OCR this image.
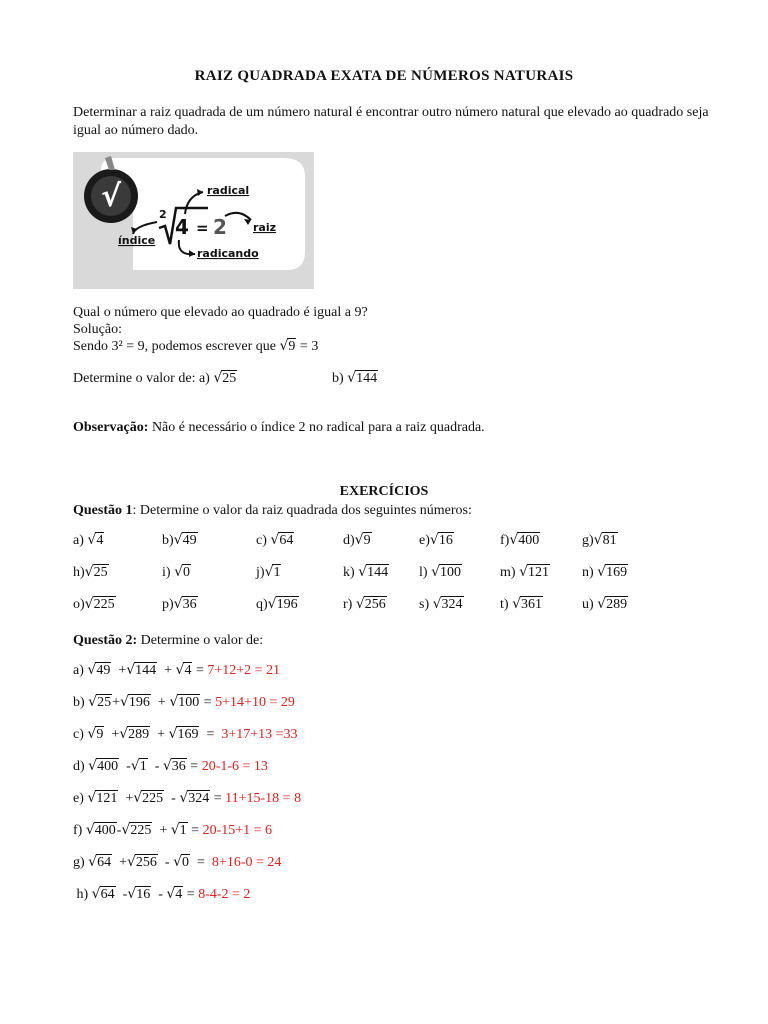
RAIZ QUADRADA EXATA DE NÚMEROS NATURAIS
Determinar a raiz quadrada de um número natural é encontrar outro número natural que elevado ao quadrado seja igual ao número dado.
√	radical
2
4 = 2 raiz
índice
radicando
Qual o número que elevado ao quadrado é igual a 9?
Solução:
Sendo 3² = 9, podemos escrever que √ 9 = 3
Determine o valor de: a) √ 25	b) √ 144
Observação: Não é necessário o índice 2 no radical para a raiz quadrada.
EXERCÍCIOS
Questão 1: Determine o valor da raiz quadrada dos seguintes números:
a) √ 4	b) √ 49	c) √ 64	d) √ 9	e) √ 16	f) √ 400	g) √ 81
h) √ 25	i) √ 0	j) √ 1	k) √ 144 l) √ 100	m) √ 121 n) √ 169
o) √ 225	p) √ 36	q) √ 196	r) √ 256 s) √ 324	t) √ 361	u) √ 289
Questão 2: Determine o valor de:
a) √ 49 + √ 144 + √ 4 = 7+12+2 = 21
b) √ 25 + √ 196 + √ 100 = 5+14+10 = 29
c) √ 9 + √ 289 + √ 169 =  3+17+13 =33
d) √ 400 - √ 1 - √ 36 = 20-1-6 = 13
e) √ 121 + √ 225 - √ 324 = 11+15-18 = 8
f) √ 400 - √ 225 + √ 1 = 20-15+1 = 6
g) √ 64 + √ 256 - √ 0 =  8+16-0 = 24
h) √ 64 - √ 16 - √ 4 = 8-4-2 = 2
